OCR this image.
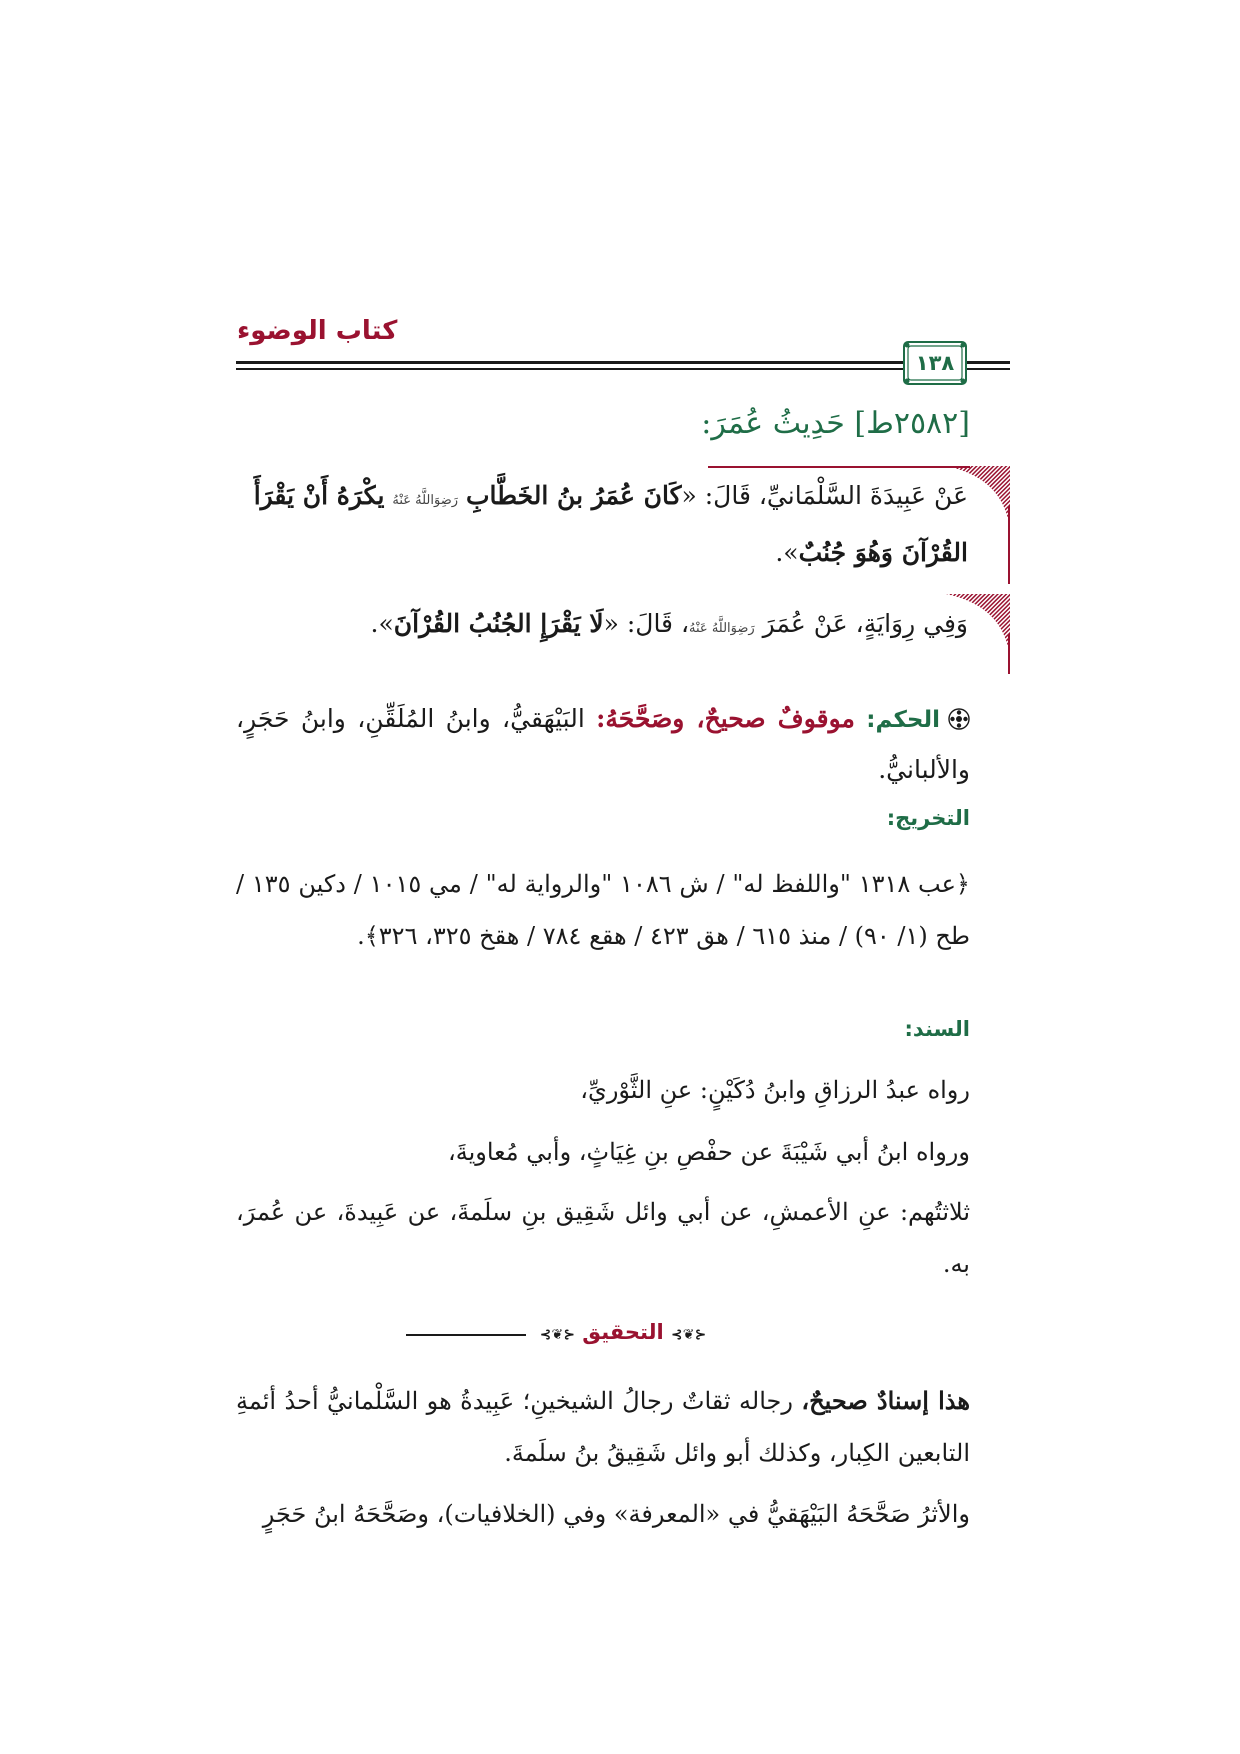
كتاب الوضوء
١٣٨
[٢٥٨٢ط] حَدِيثُ عُمَرَ:
عَنْ عَبِيدَةَ السَّلْمَانيِّ، قَالَ: «كَانَ عُمَرُ بنُ الخَطَّابِ رَضِوَاللَّهُ عَنْهُ يكْرَهُ أَنْ يَقْرَأَ
القُرْآنَ وَهُوَ جُنُبٌ».
وَفِي رِوَايَةٍ، عَنْ عُمَرَ رَضِوَاللَّهُ عَنْهُ، قَالَ: «لَا يَقْرَإِ الجُنُبُ القُرْآنَ».
الحكم: موقوفٌ صحيحٌ، وصَحَّحَهُ: البَيْهَقيُّ، وابنُ المُلَقِّنِ، وابنُ حَجَرٍ، والألبانيُّ.
التخريج:
﴿عب ١٣١٨ "واللفظ له" / ش ١٠٨٦ "والرواية له" / مي ١٠١٥ / دكين ١٣٥ / طح (١/ ٩٠) / منذ ٦١٥ / هق ٤٢٣ / هقع ٧٨٤ / هقخ ٣٢٥، ٣٢٦﴾.
السند:
رواه عبدُ الرزاقِ وابنُ دُكَيْنٍ: عنِ الثَّوْريِّ،
ورواه ابنُ أبي شَيْبَةَ عن حفْصِ بنِ غِيَاثٍ، وأبي مُعاويةَ،
ثلاثتُهم: عنِ الأعمشِ، عن أبي وائل شَقِيق بنِ سلَمةَ، عن عَبِيدةَ، عن عُمرَ، به.
⊰❦⊱ التحقيق ⊰❦⊱
هذا إسنادٌ صحيحٌ، رجاله ثقاتٌ رجالُ الشيخينِ؛ عَبِيدةُ هو السَّلْمانيُّ أحدُ أئمةِ التابعين الكِبار، وكذلك أبو وائل شَقِيقُ بنُ سلَمةَ.
والأثرُ صَحَّحَهُ البَيْهَقيُّ في «المعرفة» وفي (الخلافيات)، وصَحَّحَهُ ابنُ حَجَرٍ
